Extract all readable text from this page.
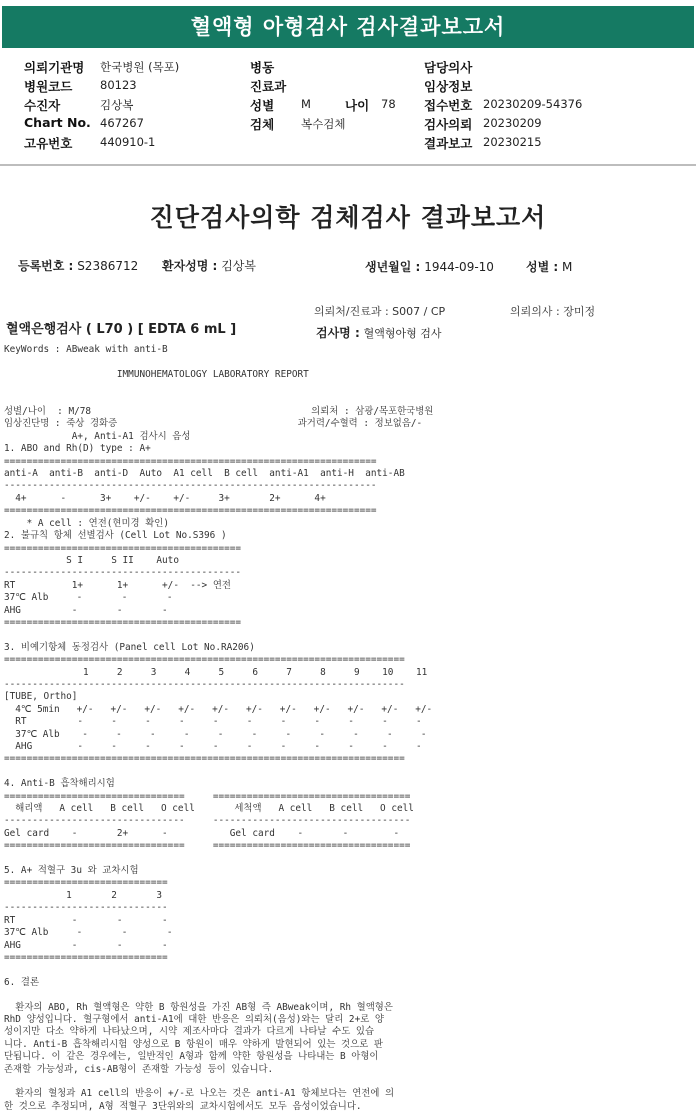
혈액형 아형검사 검사결과보고서
의뢰기관명 한국병원 (목포)
병원코드 80123
수진자	김상복
Chart No. 467267
고유번호 440910-1
병동
진료과
성별 M	나이 78
검체 복수검체
담당의사
임상정보
접수번호 20230209-54376
검사의뢰 20230209
결과보고 20230215
진단검사의학 검체검사 결과보고서
등록번호 : S2386712 환자성명 : 김상복	생년월일 : 1944-09-10	성별 : M
의뢰처/진료과 : S007 / CP	의뢰의사 : 장미정
혈액은행검사 ( L70 ) [ EDTA 6 mL ]	검사명 : 혈액형아형 검사
KeyWords : ABweak with anti-B

IMMUNOHEMATOLOGY LABORATORY REPORT

성별/나이  : M/78                                       의뢰처 : 삼광/목포한국병원
임상진단명 : 죽상 경화증                                과거력/수혈력 : 정보없음/-
A+, Anti-A1 검사시 음성
1. ABO and Rh(D) type : A+
==================================================================
anti-A  anti-B  anti-D  Auto  A1 cell  B cell  anti-A1  anti-H  anti-AB
------------------------------------------------------------------
4+      -      3+    +/-    +/-     3+       2+      4+
==================================================================
* A cell : 연전(현미경 확인)
2. 불규칙 항체 선별검사 (Cell Lot No.S396 )
==========================================
S I     S II    Auto
------------------------------------------
RT          1+      1+      +/-  --> 연전
37℃ Alb     -       -       -
AHG         -       -       -
==========================================

3. 비예기항체 동정검사 (Panel cell Lot No.RA206)
=======================================================================
1     2     3     4     5     6     7     8     9    10    11
-----------------------------------------------------------------------
[TUBE, Ortho]
4℃ 5min   +/-   +/-   +/-   +/-   +/-   +/-   +/-   +/-   +/-   +/-   +/-
RT         -     -     -     -     -     -     -     -     -     -     -
37℃ Alb    -     -     -     -     -     -     -     -     -     -     -
AHG        -     -     -     -     -     -     -     -     -     -     -
=======================================================================

4. Anti-B 흡착해리시험
================================     ===================================
해리액   A cell   B cell   O cell       세척액   A cell   B cell   O cell
--------------------------------     -----------------------------------
Gel card    -       2+      -           Gel card    -       -        -
================================     ===================================

5. A+ 적혈구 3u 와 교차시험
=============================
1       2       3
-----------------------------
RT          -       -       -
37℃ Alb     -       -       -
AHG         -       -       -
=============================

6. 결론

환자의 ABO, Rh 혈액형은 약한 B 항원성을 가진 AB형 즉 ABweak이며, Rh 혈액형은
RhD 양성입니다. 혈구형에서 anti-A1에 대한 반응은 의뢰처(음성)와는 달리 2+로 양
성이지만 다소 약하게 나타났으며, 시약 제조사마다 결과가 다르게 나타날 수도 있습
니다. Anti-B 흡착해리시험 양성으로 B 항원이 매우 약하게 발현되어 있는 것으로 판
단됩니다. 이 같은 경우에는, 일반적인 A형과 함께 약한 항원성을 나타내는 B 아형이
존재할 가능성과, cis-AB형이 존재할 가능성 등이 있습니다.

환자의 혈청과 A1 cell의 반응이 +/-로 나오는 것은 anti-A1 항체보다는 연전에 의
한 것으로 추정되며, A형 적혈구 3단위와의 교차시험에서도 모두 음성이었습니다.
